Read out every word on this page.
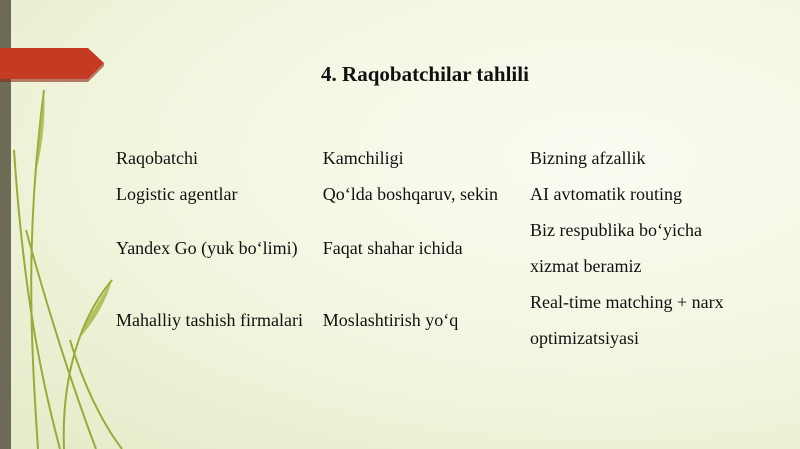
4. Raqobatchilar tahlili
Raqobatchi	Kamchiligi	Bizning afzallik
Logistic agentlar	Qo‘lda boshqaruv, sekin	AI avtomatik routing
Yandex Go (yuk bo‘limi)	Faqat shahar ichida	Biz respublika bo‘yicha xizmat beramiz
Mahalliy tashish firmalari	Moslashtirish yo‘q	Real-time matching + narx optimizatsiyasi
